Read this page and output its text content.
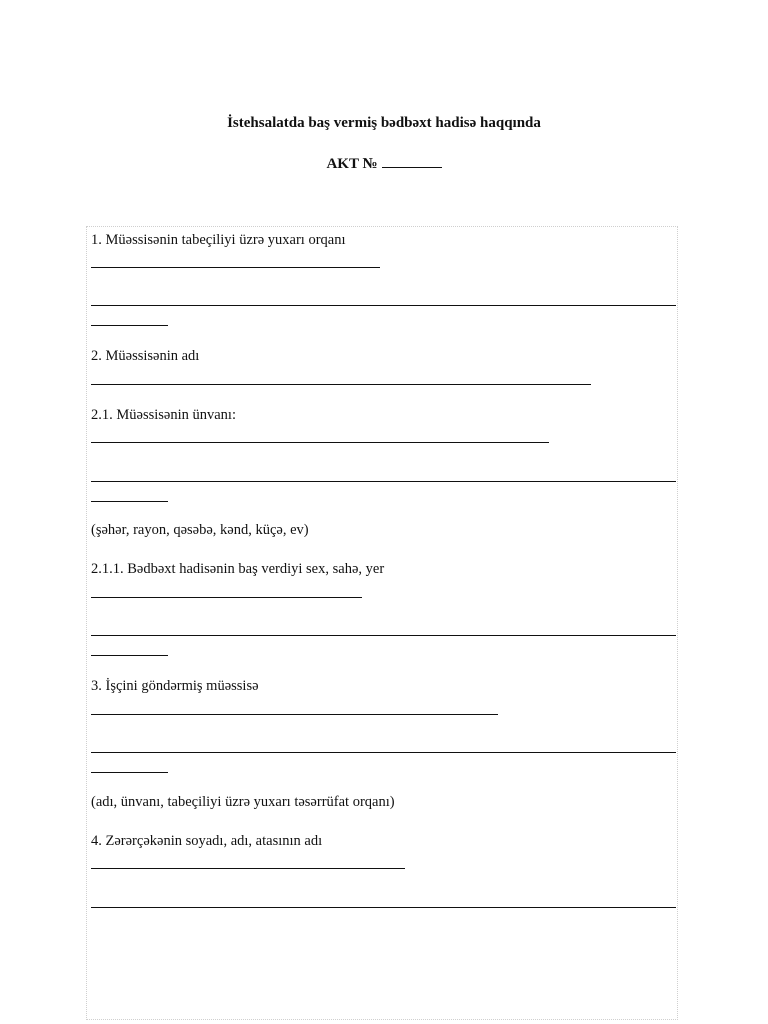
İstehsalatda baş vermiş bədbəxt hadisə haqqında
AKT №
1. Müəssisənin tabeçiliyi üzrə yuxarı orqanı
2. Müəssisənin adı
2.1. Müəssisənin ünvanı:
(şəhər, rayon, qəsəbə, kənd, küçə, ev)
2.1.1. Bədbəxt hadisənin baş verdiyi sex, sahə, yer
3. İşçini göndərmiş müəssisə
(adı, ünvanı, tabeçiliyi üzrə yuxarı təsərrüfat orqanı)
4. Zərərçəkənin soyadı, adı, atasının adı
